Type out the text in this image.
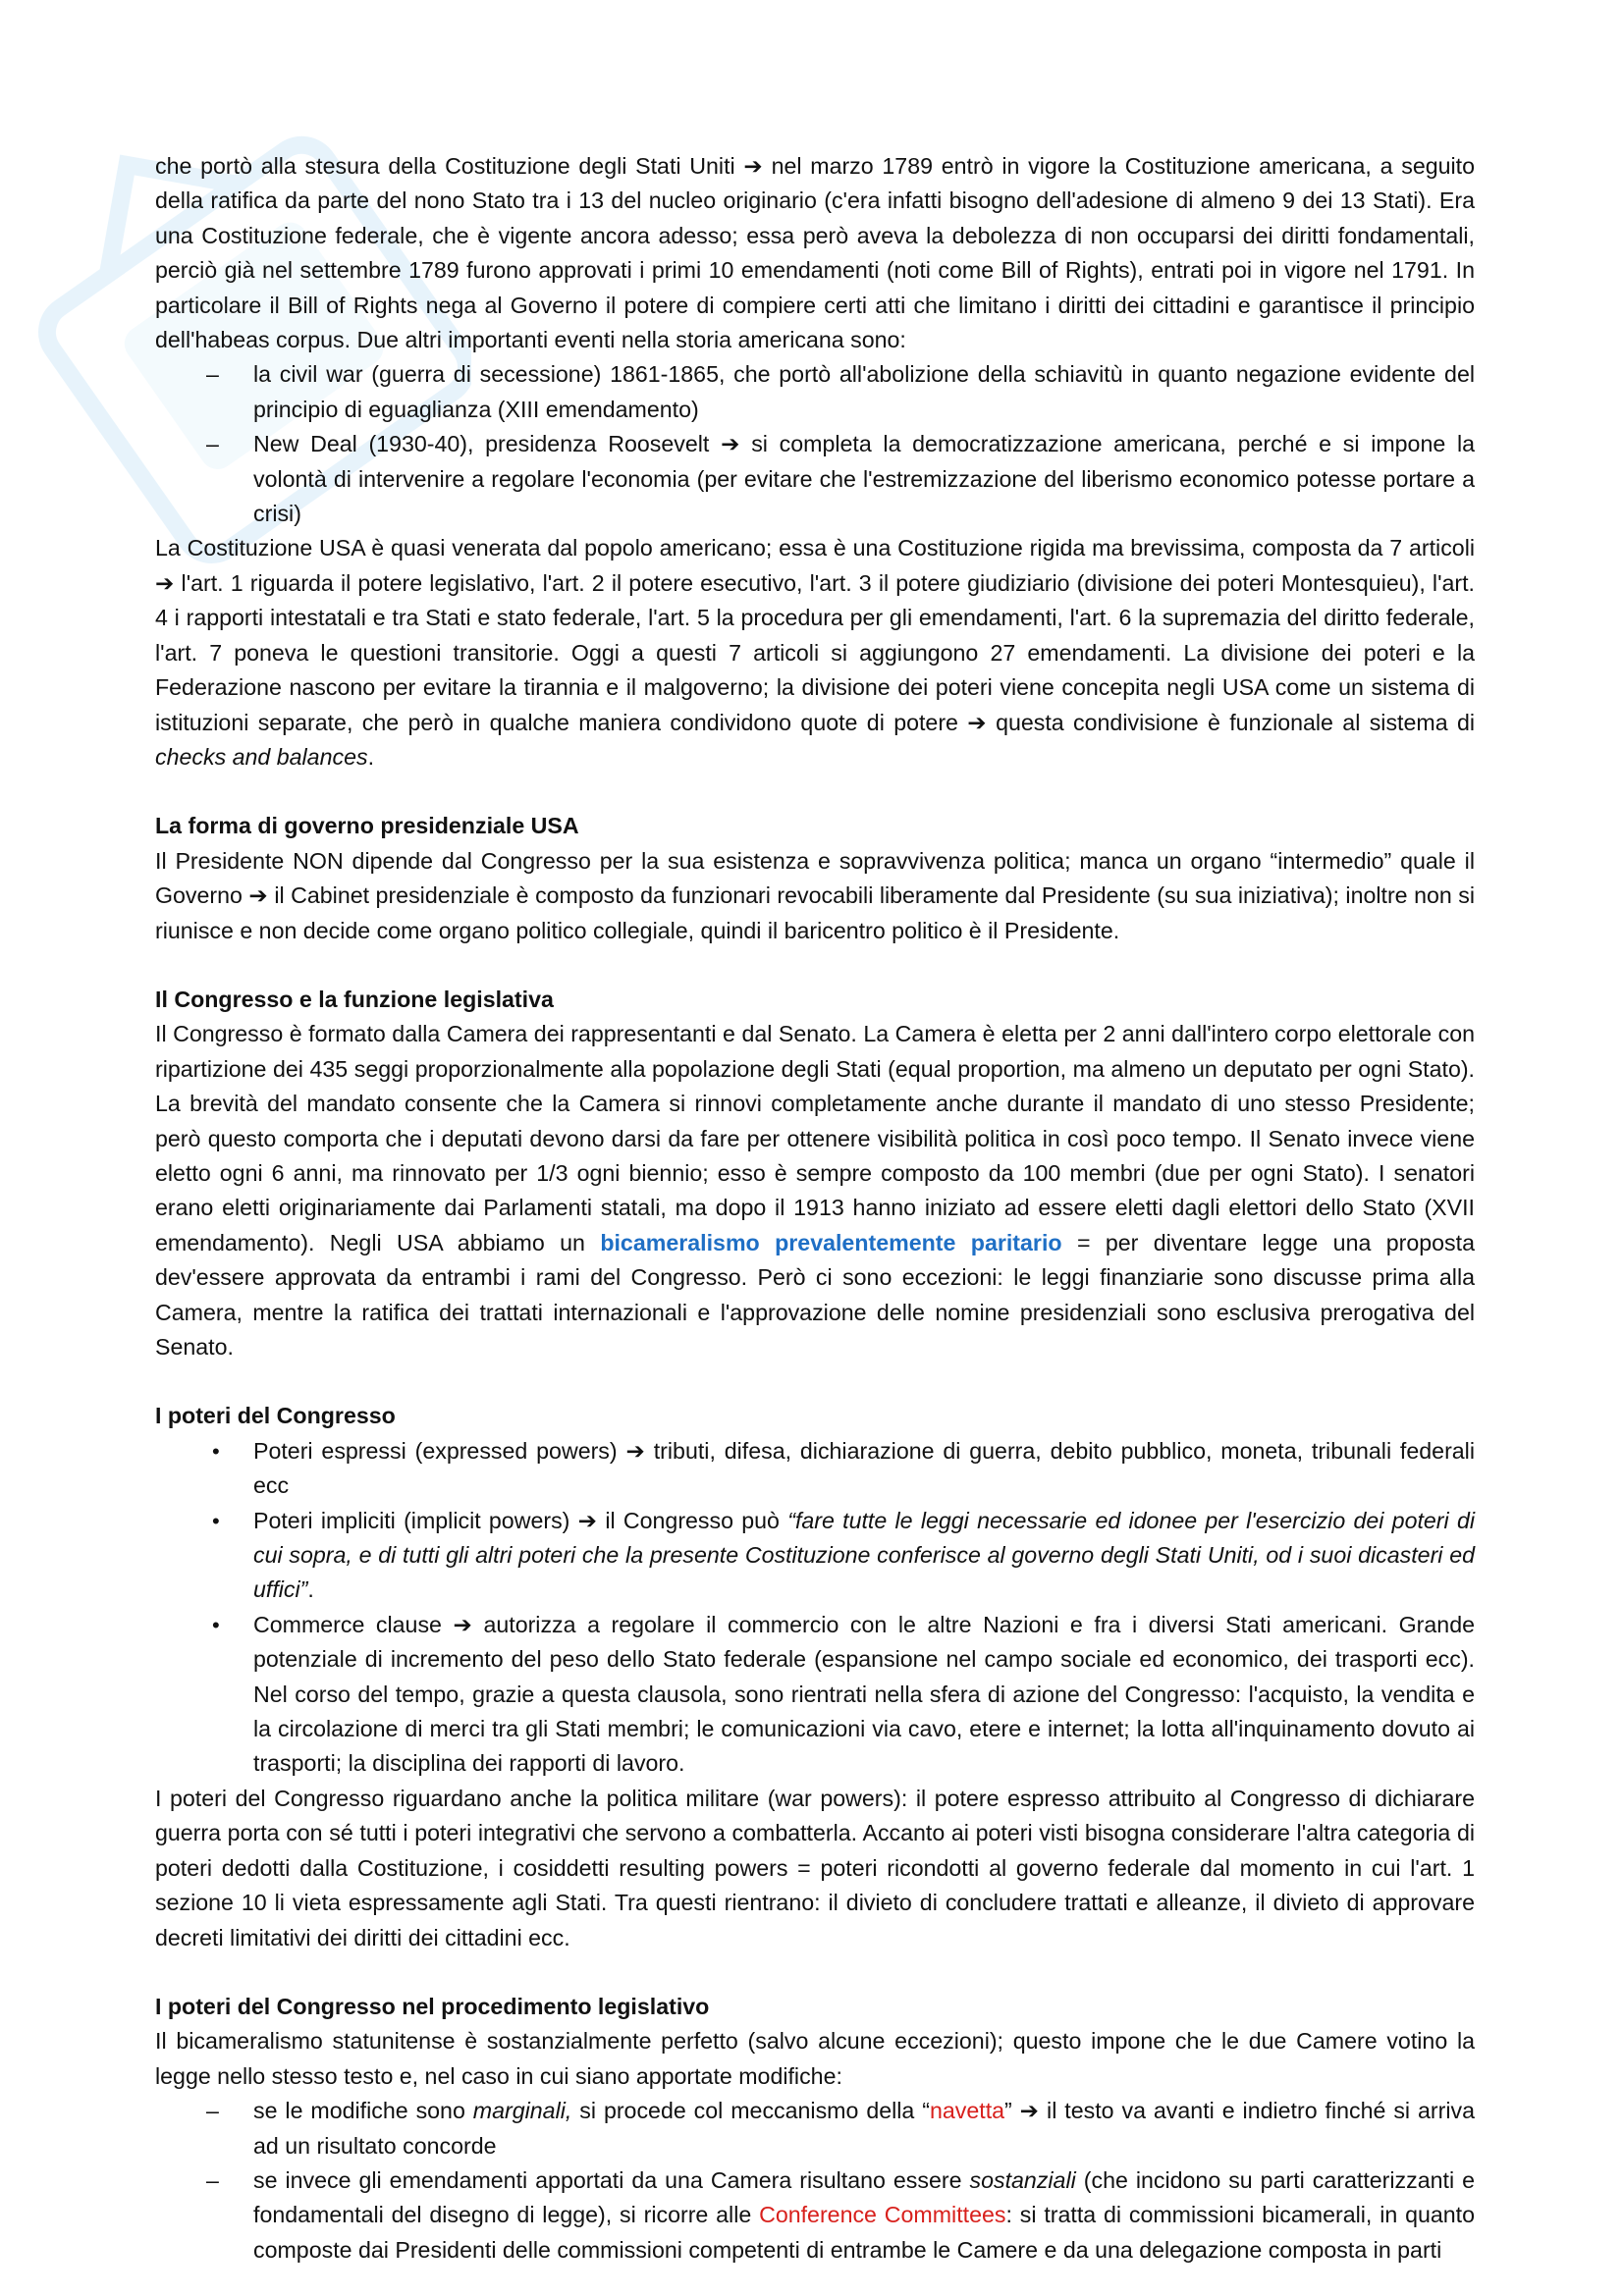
che portò alla stesura della Costituzione degli Stati Uniti ➔ nel marzo 1789 entrò in vigore la Costituzione americana, a seguito della ratifica da parte del nono Stato tra i 13 del nucleo originario (c'era infatti bisogno dell'adesione di almeno 9 dei 13 Stati). Era una Costituzione federale, che è vigente ancora adesso; essa però aveva la debolezza di non occuparsi dei diritti fondamentali, perciò già nel settembre 1789 furono approvati i primi 10 emendamenti (noti come Bill of Rights), entrati poi in vigore nel 1791. In particolare il Bill of Rights nega al Governo il potere di compiere certi atti che limitano i diritti dei cittadini e garantisce il principio dell'habeas corpus. Due altri importanti eventi nella storia americana sono:

– la civil war (guerra di secessione) 1861-1865, che portò all'abolizione della schiavitù in quanto negazione evidente del principio di eguaglianza (XIII emendamento)
– New Deal (1930-40), presidenza Roosevelt ➔ si completa la democratizzazione americana, perché e si impone la volontà di intervenire a regolare l'economia (per evitare che l'estremizzazione del liberismo economico potesse portare a crisi)

La Costituzione USA è quasi venerata dal popolo americano; essa è una Costituzione rigida ma brevissima, composta da 7 articoli ➔ l'art. 1 riguarda il potere legislativo, l'art. 2 il potere esecutivo, l'art. 3 il potere giudiziario (divisione dei poteri Montesquieu), l'art. 4 i rapporti intestatali e tra Stati e stato federale, l'art. 5 la procedura per gli emendamenti, l'art. 6 la supremazia del diritto federale, l'art. 7 poneva le questioni transitorie. Oggi a questi 7 articoli si aggiungono 27 emendamenti. La divisione dei poteri e la Federazione nascono per evitare la tirannia e il malgoverno; la divisione dei poteri viene concepita negli USA come un sistema di istituzioni separate, che però in qualche maniera condividono quote di potere ➔ questa condivisione è funzionale al sistema di checks and balances.

La forma di governo presidenziale USA

Il Presidente NON dipende dal Congresso per la sua esistenza e sopravvivenza politica; manca un organo “intermedio” quale il Governo ➔ il Cabinet presidenziale è composto da funzionari revocabili liberamente dal Presidente (su sua iniziativa); inoltre non si riunisce e non decide come organo politico collegiale, quindi il baricentro politico è il Presidente.

Il Congresso e la funzione legislativa

Il Congresso è formato dalla Camera dei rappresentanti e dal Senato. La Camera è eletta per 2 anni dall'intero corpo elettorale con ripartizione dei 435 seggi proporzionalmente alla popolazione degli Stati (equal proportion, ma almeno un deputato per ogni Stato). La brevità del mandato consente che la Camera si rinnovi completamente anche durante il mandato di uno stesso Presidente; però questo comporta che i deputati devono darsi da fare per ottenere visibilità politica in così poco tempo. Il Senato invece viene eletto ogni 6 anni, ma rinnovato per 1/3 ogni biennio; esso è sempre composto da 100 membri (due per ogni Stato). I senatori erano eletti originariamente dai Parlamenti statali, ma dopo il 1913 hanno iniziato ad essere eletti dagli elettori dello Stato (XVII emendamento). Negli USA abbiamo un bicameralismo prevalentemente paritario = per diventare legge una proposta dev'essere approvata da entrambi i rami del Congresso. Però ci sono eccezioni: le leggi finanziarie sono discusse prima alla Camera, mentre la ratifica dei trattati internazionali e l'approvazione delle nomine presidenziali sono esclusiva prerogativa del Senato.

I poteri del Congresso

• Poteri espressi (expressed powers) ➔ tributi, difesa, dichiarazione di guerra, debito pubblico, moneta, tribunali federali ecc
• Poteri impliciti (implicit powers) ➔ il Congresso può “fare tutte le leggi necessarie ed idonee per l'esercizio dei poteri di cui sopra, e di tutti gli altri poteri che la presente Costituzione conferisce al governo degli Stati Uniti, od i suoi dicasteri ed uffici”.
• Commerce clause ➔ autorizza a regolare il commercio con le altre Nazioni e fra i diversi Stati americani. Grande potenziale di incremento del peso dello Stato federale (espansione nel campo sociale ed economico, dei trasporti ecc). Nel corso del tempo, grazie a questa clausola, sono rientrati nella sfera di azione del Congresso: l'acquisto, la vendita e la circolazione di merci tra gli Stati membri; le comunicazioni via cavo, etere e internet; la lotta all'inquinamento dovuto ai trasporti; la disciplina dei rapporti di lavoro.

I poteri del Congresso riguardano anche la politica militare (war powers): il potere espresso attribuito al Congresso di dichiarare guerra porta con sé tutti i poteri integrativi che servono a combatterla. Accanto ai poteri visti bisogna considerare l'altra categoria di poteri dedotti dalla Costituzione, i cosiddetti resulting powers = poteri ricondotti al governo federale dal momento in cui l'art. 1 sezione 10 li vieta espressamente agli Stati. Tra questi rientrano: il divieto di concludere trattati e alleanze, il divieto di approvare decreti limitativi dei diritti dei cittadini ecc.

I poteri del Congresso nel procedimento legislativo

Il bicameralismo statunitense è sostanzialmente perfetto (salvo alcune eccezioni); questo impone che le due Camere votino la legge nello stesso testo e, nel caso in cui siano apportate modifiche:

– se le modifiche sono marginali, si procede col meccanismo della “navetta” ➔ il testo va avanti e indietro finché si arriva ad un risultato concorde
– se invece gli emendamenti apportati da una Camera risultano essere sostanziali (che incidono su parti caratterizzanti e fondamentali del disegno di legge), si ricorre alle Conference Committees: si tratta di commissioni bicamerali, in quanto composte dai Presidenti delle commissioni competenti di entrambe le Camere e da una delegazione composta in parti
